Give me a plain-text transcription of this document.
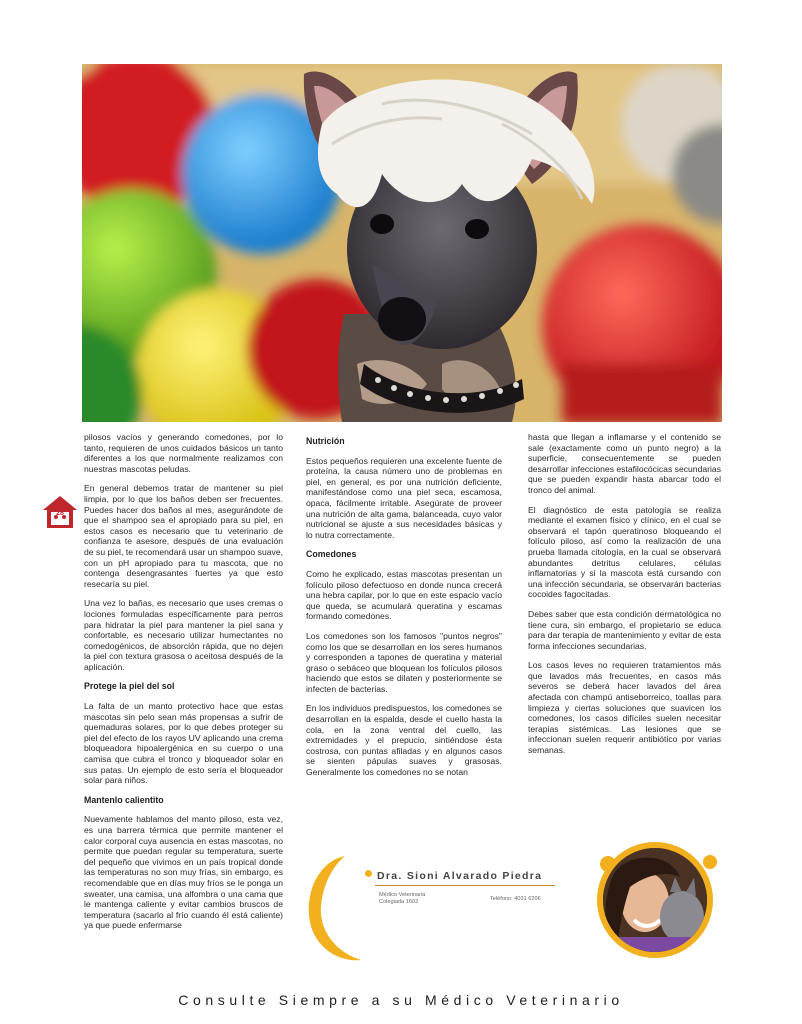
28

pilosos vacíos y generando comedones, por lo tanto, requieren de unos cuidados básicos un tanto diferentes a los que normalmente realizamos con nuestras mascotas peludas.

En general debemos tratar de mantener su piel limpia, por lo que los baños deben ser frecuentes. Puedes hacer dos baños al mes, asegurándote de que el shampoo sea el apropiado para su piel, en estos casos es necesario que tu veterinario de confianza te asesore, después de una evaluación de su piel, te recomendará usar un shampoo suave, con un pH apropiado para tu mascota, que no contenga desengrasantes fuertes ya que esto resecaría su piel.

Una vez lo bañas, es necesario que uses cremas o lociones formuladas específicamente para perros para hidratar la piel para mantener la piel sana y confortable, es necesario utilizar humectantes no comedogénicos, de absorción rápida, que no dejen la piel con textura grasosa o aceitosa después de la aplicación.

Protege la piel del sol

La falta de un manto protectivo hace que estas mascotas sin pelo sean más propensas a sufrir de quemaduras solares, por lo que debes proteger su piel del efecto de los rayos UV aplicando una crema bloqueadora hipoalergénica en su cuerpo o una camisa que cubra el tronco y bloqueador solar en sus patas. Un ejemplo de esto sería el bloqueador solar para niños.

Mantenlo calientito

Nuevamente hablamos del manto piloso, esta vez, es una barrera térmica que permite mantener el calor corporal cuya ausencia en estas mascotas, no permite que puedan regular su temperatura, suerte del pequeño que vivimos en un país tropical donde las temperaturas no son muy frías, sin embargo, es recomendable que en días muy fríos se le ponga un sweater, una camisa, una alfombra o una cama que le mantenga caliente y evitar cambios bruscos de temperatura (sacarlo al frío cuando él está caliente) ya que puede enfermarse

Nutrición

Estos pequeños requieren una excelente fuente de proteína, la causa número uno de problemas en piel, en general, es por una nutrición deficiente, manifestándose como una piel seca, escamosa, opaca, fácilmente irritable. Asegúrate de proveer una nutrición de alta gama, balanceada, cuyo valor nutricional se ajuste a sus necesidades básicas y lo nutra correctamente.

Comedones

Como he explicado, estas mascotas presentan un folículo piloso defectuoso en donde nunca crecerá una hebra capilar, por lo que en este espacio vacío que queda, se acumulará queratina y escamas formando comedones.

Los comedones son los famosos "puntos negros" como los que se desarrollan en los seres humanos y corresponden a tapones de queratina y material graso o sebáceo que bloquean los folículos pilosos haciendo que estos se dilaten y posteriormente se infecten de bacterias.

En los individuos predispuestos, los comedones se desarrollan en la espalda, desde el cuello hasta la cola, en la zona ventral del cuello, las extremidades y el prepucio, sintiéndose ésta costrosa, con puntas afiladas y en algunos casos se sienten pápulas suaves y grasosas. Generalmente los comedones no se notan

hasta que llegan a inflamarse y el contenido se sale (exactamente como un punto negro) a la superficie, consecuentemente se pueden desarrollar infecciones estafilocócicas secundarias que se pueden expandir hasta abarcar todo el tronco del animal.

El diagnóstico de esta patología se realiza mediante el examen físico y clínico, en el cual se observará el tapón queratinoso bloqueando el folículo piloso, así como la realización de una prueba llamada citología, en la cual se observará abundantes detritus celulares, células inflamatorias y si la mascota está cursando con una infección secundaria, se observarán bacterias cocoides fagocitadas.

Debes saber que esta condición dermatológica no tiene cura, sin embargo, el propietario se educa para dar terapia de mantenimiento y evitar de esta forma infecciones secundarias.

Los casos leves no requieren tratamientos más que lavados más frecuentes, en casos más severos se deberá hacer lavados del área afectada con champú antiseborreico, toallas para limpieza y ciertas soluciones que suavicen los comedones, los casos difíciles suelen necesitar terapias sistémicas. Las lesiones que se infeccionan suelen requerir antibiótico por varias semanas.

Dra. Sioni Alvarado Piedra
Médico Veterinaria
Colegiada 1602	Teléfono: 4031 6206
Consulte Siempre a su Médico Veterinario
